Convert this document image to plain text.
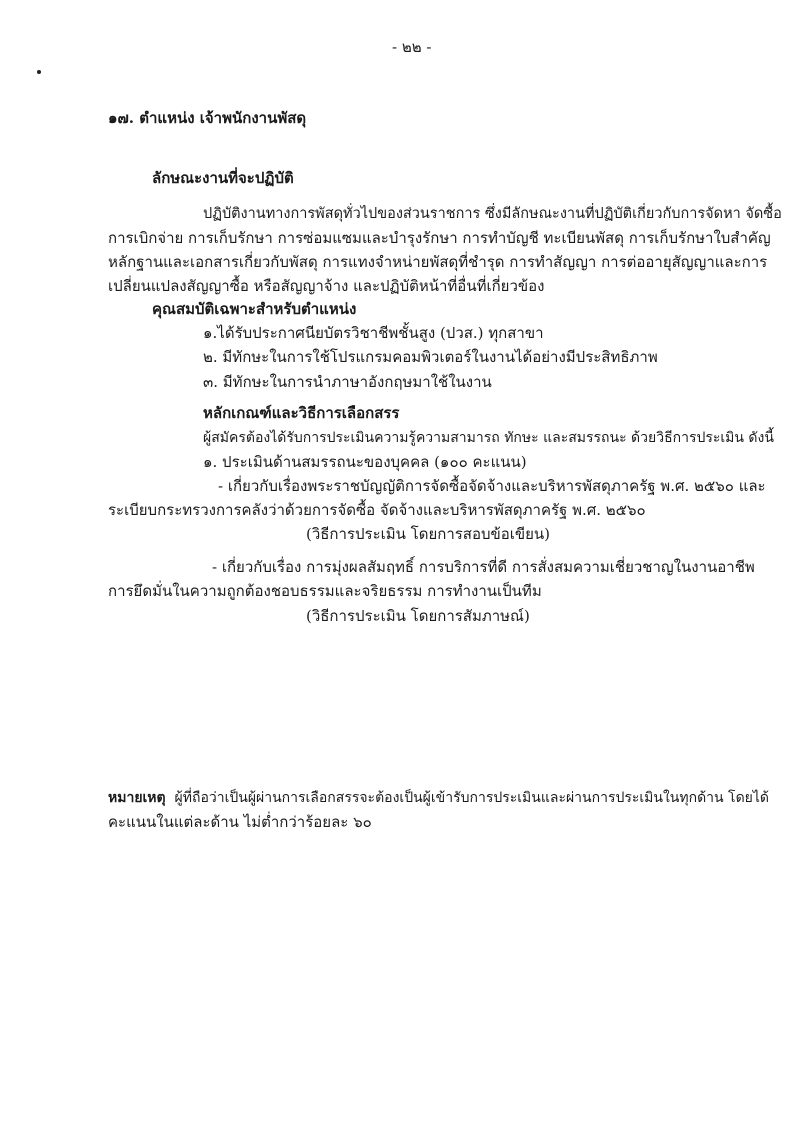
- ๒๒ -
๑๗. ตำแหน่ง เจ้าพนักงานพัสดุ
ลักษณะงานที่จะปฏิบัติ
ปฏิบัติงานทางการพัสดุทั่วไปของส่วนราชการ ซึ่งมีลักษณะงานที่ปฏิบัติเกี่ยวกับการจัดหา จัดซื้อ
การเบิกจ่าย การเก็บรักษา การซ่อมแซมและบำรุงรักษา การทำบัญชี ทะเบียนพัสดุ การเก็บรักษาใบสำคัญ
หลักฐานและเอกสารเกี่ยวกับพัสดุ การแทงจำหน่ายพัสดุที่ชำรุด การทำสัญญา การต่ออายุสัญญาและการ
เปลี่ยนแปลงสัญญาซื้อ หรือสัญญาจ้าง และปฏิบัติหน้าที่อื่นที่เกี่ยวข้อง
คุณสมบัติเฉพาะสำหรับตำแหน่ง
๑.ได้รับประกาศนียบัตรวิชาชีพชั้นสูง (ปวส.) ทุกสาขา
๒. มีทักษะในการใช้โปรแกรมคอมพิวเตอร์ในงานได้อย่างมีประสิทธิภาพ
๓. มีทักษะในการนำภาษาอังกฤษมาใช้ในงาน
หลักเกณฑ์และวิธีการเลือกสรร
ผู้สมัครต้องได้รับการประเมินความรู้ความสามารถ ทักษะ และสมรรถนะ ด้วยวิธีการประเมิน ดังนี้
๑. ประเมินด้านสมรรถนะของบุคคล (๑๐๐ คะแนน)
- เกี่ยวกับเรื่องพระราชบัญญัติการจัดซื้อจัดจ้างและบริหารพัสดุภาครัฐ พ.ศ. ๒๕๖๐ และ
ระเบียบกระทรวงการคลังว่าด้วยการจัดซื้อ จัดจ้างและบริหารพัสดุภาครัฐ พ.ศ. ๒๕๖๐
(วิธีการประเมิน โดยการสอบข้อเขียน)
- เกี่ยวกับเรื่อง การมุ่งผลสัมฤทธิ์ การบริการที่ดี การสั่งสมความเชี่ยวชาญในงานอาชีพ
การยึดมั่นในความถูกต้องชอบธรรมและจริยธรรม การทำงานเป็นทีม
(วิธีการประเมิน โดยการสัมภาษณ์)
หมายเหตุ ผู้ที่ถือว่าเป็นผู้ผ่านการเลือกสรรจะต้องเป็นผู้เข้ารับการประเมินและผ่านการประเมินในทุกด้าน โดยได้
คะแนนในแต่ละด้าน ไม่ต่ำกว่าร้อยละ ๖๐
